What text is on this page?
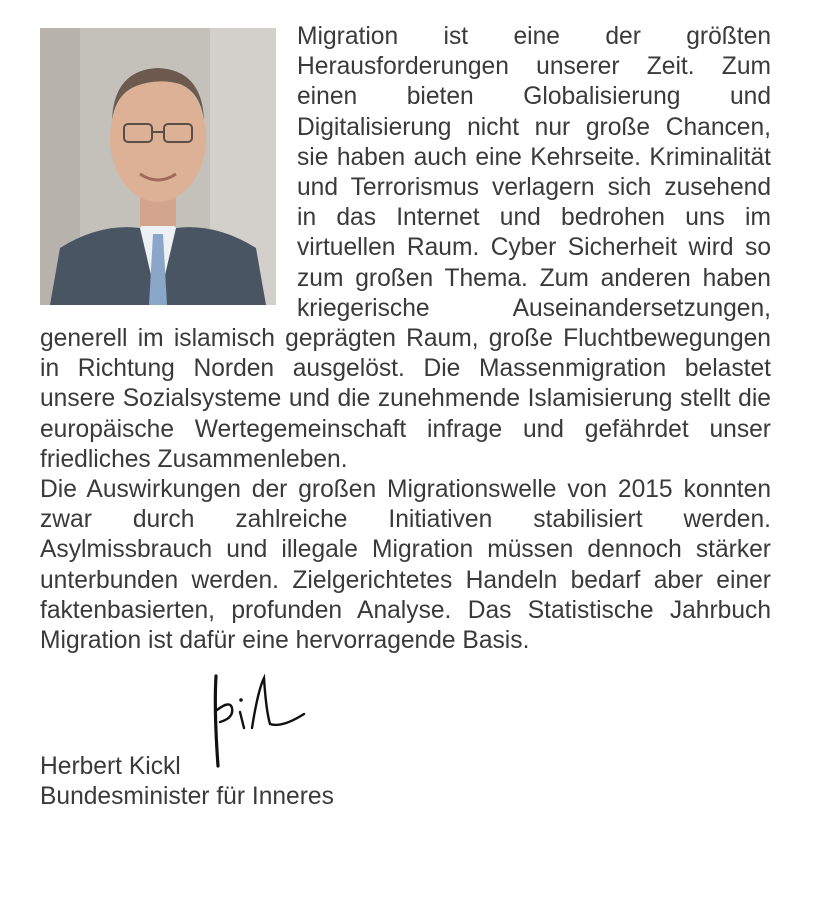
Migration ist eine der größten Herausforderungen unserer Zeit. Zum einen bieten Globalisierung und Digitalisierung nicht nur große Chancen, sie haben auch eine Kehrseite. Kriminalität und Terrorismus verlagern sich zusehend in das Internet und bedrohen uns im virtuellen Raum. Cyber Sicherheit wird so zum großen Thema. Zum anderen haben kriegerische Auseinandersetzungen, generell im islamisch geprägten Raum, große Fluchtbewegungen in Richtung Norden ausgelöst. Die Massenmigration belastet unsere Sozialsysteme und die zunehmende Islamisierung stellt die europäische Wertegemeinschaft infrage und gefährdet unser friedliches Zusammenleben.

Die Auswirkungen der großen Migrationswelle von 2015 konnten zwar durch zahlreiche Initiativen stabilisiert werden. Asylmissbrauch und illegale Migration müssen dennoch stärker unterbunden werden. Zielgerichtetes Handeln bedarf aber einer faktenbasierten, profunden Analyse. Das Statistische Jahrbuch Migration ist dafür eine hervorragende Basis.

Herbert Kickl
Bundesminister für Inneres
